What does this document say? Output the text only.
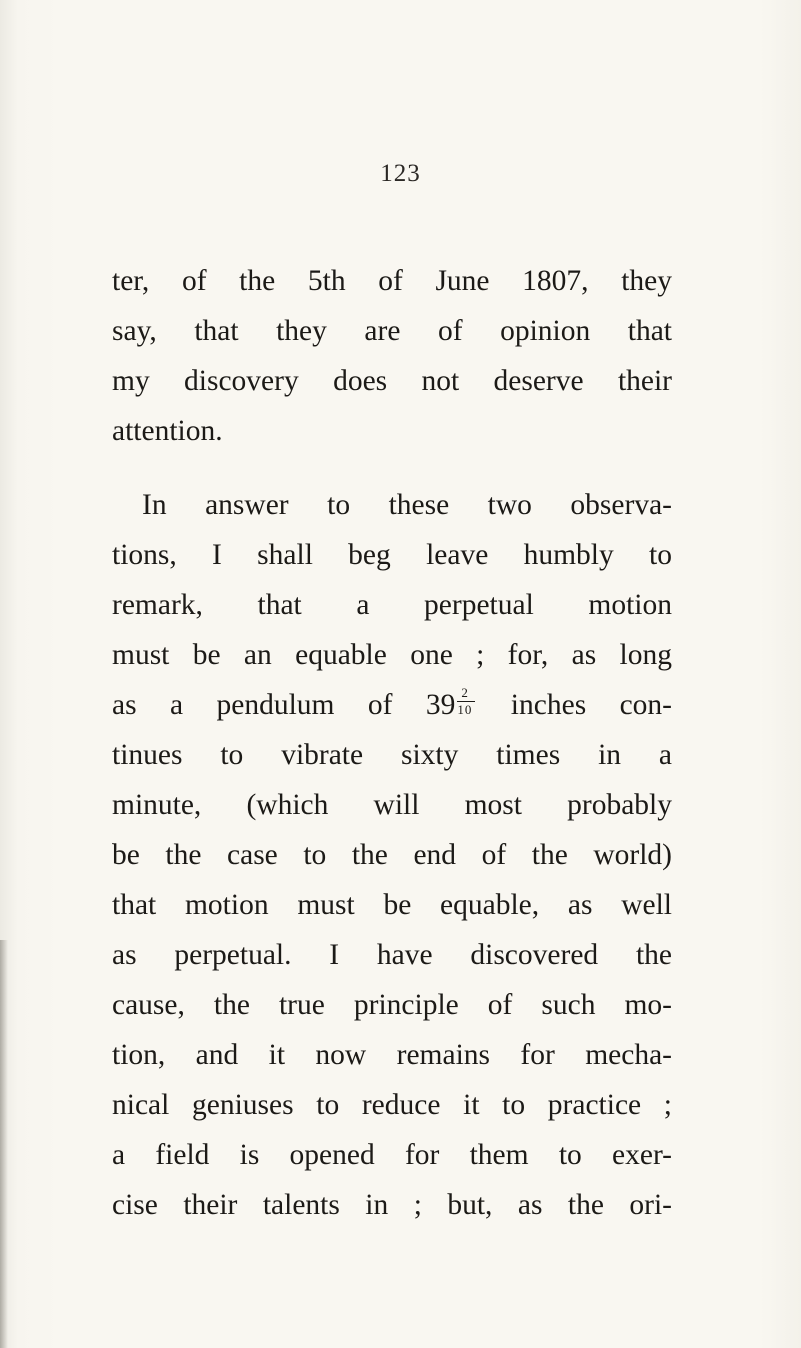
123
ter, of the 5th of June 1807, they
say, that they are of opinion that
my discovery does not deserve their
attention.
In answer to these two observa-
tions, I shall beg leave humbly to
remark, that a perpetual motion
must be an equable one ; for, as long
as a pendulum of $39 \frac{2}{10}$ inches con-
tinues to vibrate sixty times in a
minute, (which will most probably
be the case to the end of the world)
that motion must be equable, as well
as perpetual. I have discovered the
cause, the true principle of such mo-
tion, and it now remains for mecha-
nical geniuses to reduce it to practice ;
a field is opened for them to exer-
cise their talents in ; but, as the ori-
